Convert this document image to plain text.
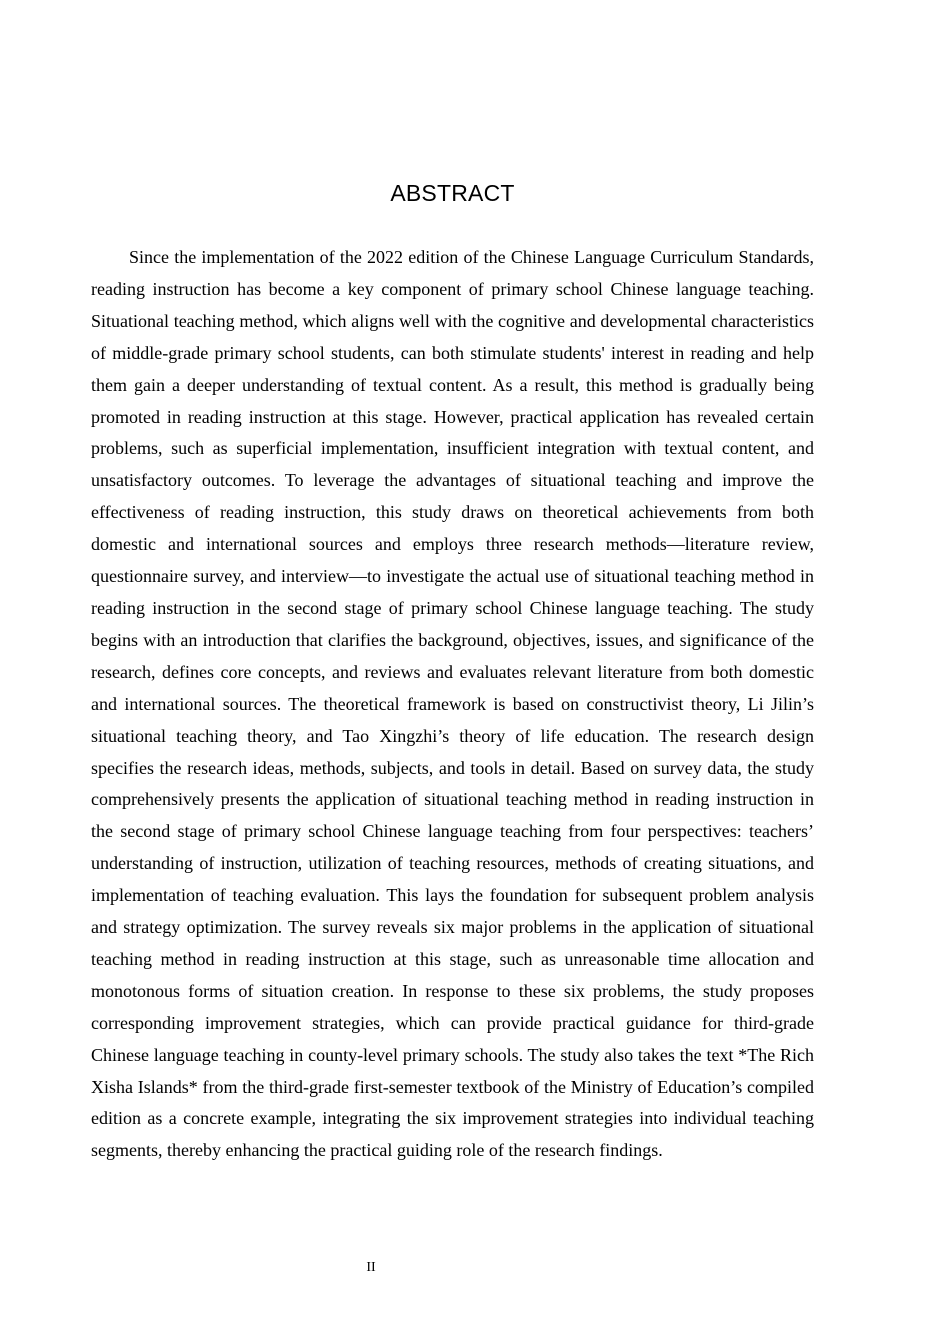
ABSTRACT

Since the implementation of the 2022 edition of the Chinese Language Curriculum Standards, reading instruction has become a key component of primary school Chinese language teaching. Situational teaching method, which aligns well with the cognitive and developmental characteristics of middle-grade primary school students, can both stimulate students' interest in reading and help them gain a deeper understanding of textual content. As a result, this method is gradually being promoted in reading instruction at this stage. However, practical application has revealed certain problems, such as superficial implementation, insufficient integration with textual content, and unsatisfactory outcomes. To leverage the advantages of situational teaching and improve the effectiveness of reading instruction, this study draws on theoretical achievements from both domestic and international sources and employs three research methods—literature review, questionnaire survey, and interview—to investigate the actual use of situational teaching method in reading instruction in the second stage of primary school Chinese language teaching. The study begins with an introduction that clarifies the background, objectives, issues, and significance of the research, defines core concepts, and reviews and evaluates relevant literature from both domestic and international sources. The theoretical framework is based on constructivist theory, Li Jilin’s situational teaching theory, and Tao Xingzhi’s theory of life education. The research design specifies the research ideas, methods, subjects, and tools in detail. Based on survey data, the study comprehensively presents the application of situational teaching method in reading instruction in the second stage of primary school Chinese language teaching from four perspectives: teachers’ understanding of instruction, utilization of teaching resources, methods of creating situations, and implementation of teaching evaluation. This lays the foundation for subsequent problem analysis and strategy optimization. The survey reveals six major problems in the application of situational teaching method in reading instruction at this stage, such as unreasonable time allocation and monotonous forms of situation creation. In response to these six problems, the study proposes corresponding improvement strategies, which can provide practical guidance for third-grade Chinese language teaching in county-level primary schools. The study also takes the text *The Rich Xisha Islands* from the third-grade first-semester textbook of the Ministry of Education’s compiled edition as a concrete example, integrating the six improvement strategies into individual teaching segments, thereby enhancing the practical guiding role of the research findings.

II
